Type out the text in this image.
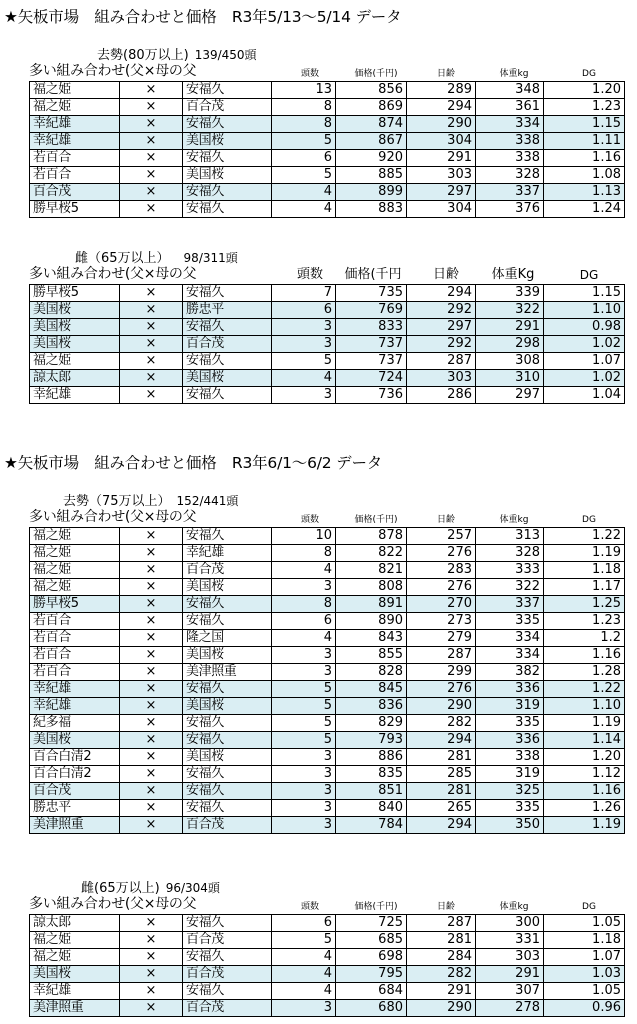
★矢板市場　組み合わせと価格　R3年5/13〜5/14 データ
去勢(80万以上) 139/450頭
多い組み合わせ(父×母の父	頭数	価格(千円)	日齢	体重kg	DG
福之姫	×	安福久	13	856	289	348	1.20
福之姫	×	百合茂	8	869	294	361	1.23
幸紀雄	×	安福久	8	874	290	334	1.15
幸紀雄	×	美国桜	5	867	304	338	1.11
若百合	×	安福久	6	920	291	338	1.16
若百合	×	美国桜	5	885	303	328	1.08
百合茂	×	安福久	4	899	297	337	1.13
勝早桜5	×	安福久	4	883	304	376	1.24
雌（65万以上） 98/311頭
多い組み合わせ(父×母の父	頭数	価格(千円	日齢	体重Kg	DG
勝早桜5	×	安福久	7	735	294	339	1.15
美国桜	×	勝忠平	6	769	292	322	1.10
美国桜	×	安福久	3	833	297	291	0.98
美国桜	×	百合茂	3	737	292	298	1.02
福之姫	×	安福久	5	737	287	308	1.07
諒太郎	×	美国桜	4	724	303	310	1.02
幸紀雄	×	安福久	3	736	286	297	1.04
★矢板市場　組み合わせと価格　R3年6/1〜6/2 データ
去勢（75万以上） 152/441頭
多い組み合わせ(父×母の父	頭数	価格(千円)	日齢	体重kg	DG
福之姫	×	安福久	10	878	257	313	1.22
福之姫	×	幸紀雄	8	822	276	328	1.19
福之姫	×	百合茂	4	821	283	333	1.18
福之姫	×	美国桜	3	808	276	322	1.17
勝早桜5	×	安福久	8	891	270	337	1.25
若百合	×	安福久	6	890	273	335	1.23
若百合	×	隆之国	4	843	279	334	1.2
若百合	×	美国桜	3	855	287	334	1.16
若百合	×	美津照重	3	828	299	382	1.28
幸紀雄	×	安福久	5	845	276	336	1.22
幸紀雄	×	美国桜	5	836	290	319	1.10
紀多福	×	安福久	5	829	282	335	1.19
美国桜	×	安福久	5	793	294	336	1.14
百合白清2	×	美国桜	3	886	281	338	1.20
百合白清2	×	安福久	3	835	285	319	1.12
百合茂	×	安福久	3	851	281	325	1.16
勝忠平	×	安福久	3	840	265	335	1.26
美津照重	×	百合茂	3	784	294	350	1.19
雌(65万以上) 96/304頭
多い組み合わせ(父×母の父	頭数	価格(千円)	日齢	体重kg	DG
諒太郎	×	安福久	6	725	287	300	1.05
福之姫	×	百合茂	5	685	281	331	1.18
福之姫	×	安福久	4	698	284	303	1.07
美国桜	×	百合茂	4	795	282	291	1.03
幸紀雄	×	安福久	4	684	291	307	1.05
美津照重	×	百合茂	3	680	290	278	0.96
